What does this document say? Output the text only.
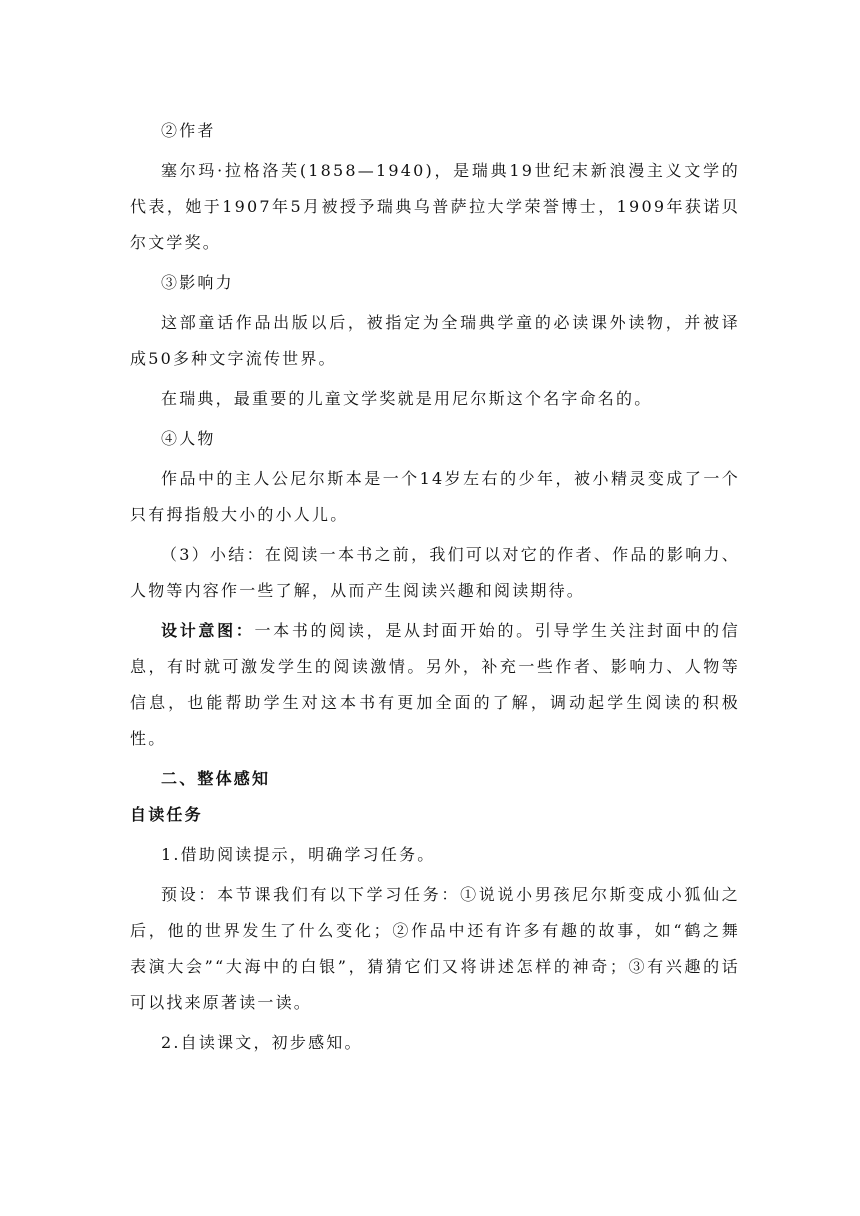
②作者

塞尔玛·拉格洛芙(1858—1940)，是瑞典19世纪末新浪漫主义文学的代表，她于1907年5月被授予瑞典乌普萨拉大学荣誉博士，1909年获诺贝尔文学奖。

③影响力

这部童话作品出版以后，被指定为全瑞典学童的必读课外读物，并被译成50多种文字流传世界。

在瑞典，最重要的儿童文学奖就是用尼尔斯这个名字命名的。

④人物

作品中的主人公尼尔斯本是一个14岁左右的少年，被小精灵变成了一个只有拇指般大小的小人儿。

（3）小结：在阅读一本书之前，我们可以对它的作者、作品的影响力、人物等内容作一些了解，从而产生阅读兴趣和阅读期待。

设计意图：一本书的阅读，是从封面开始的。引导学生关注封面中的信息，有时就可激发学生的阅读激情。另外，补充一些作者、影响力、人物等信息，也能帮助学生对这本书有更加全面的了解，调动起学生阅读的积极性。

二、整体感知

自读任务

1.借助阅读提示，明确学习任务。

预设：本节课我们有以下学习任务：①说说小男孩尼尔斯变成小狐仙之后，他的世界发生了什么变化；②作品中还有许多有趣的故事，如“鹤之舞表演大会”“大海中的白银”，猜猜它们又将讲述怎样的神奇；③有兴趣的话可以找来原著读一读。

2.自读课文，初步感知。
